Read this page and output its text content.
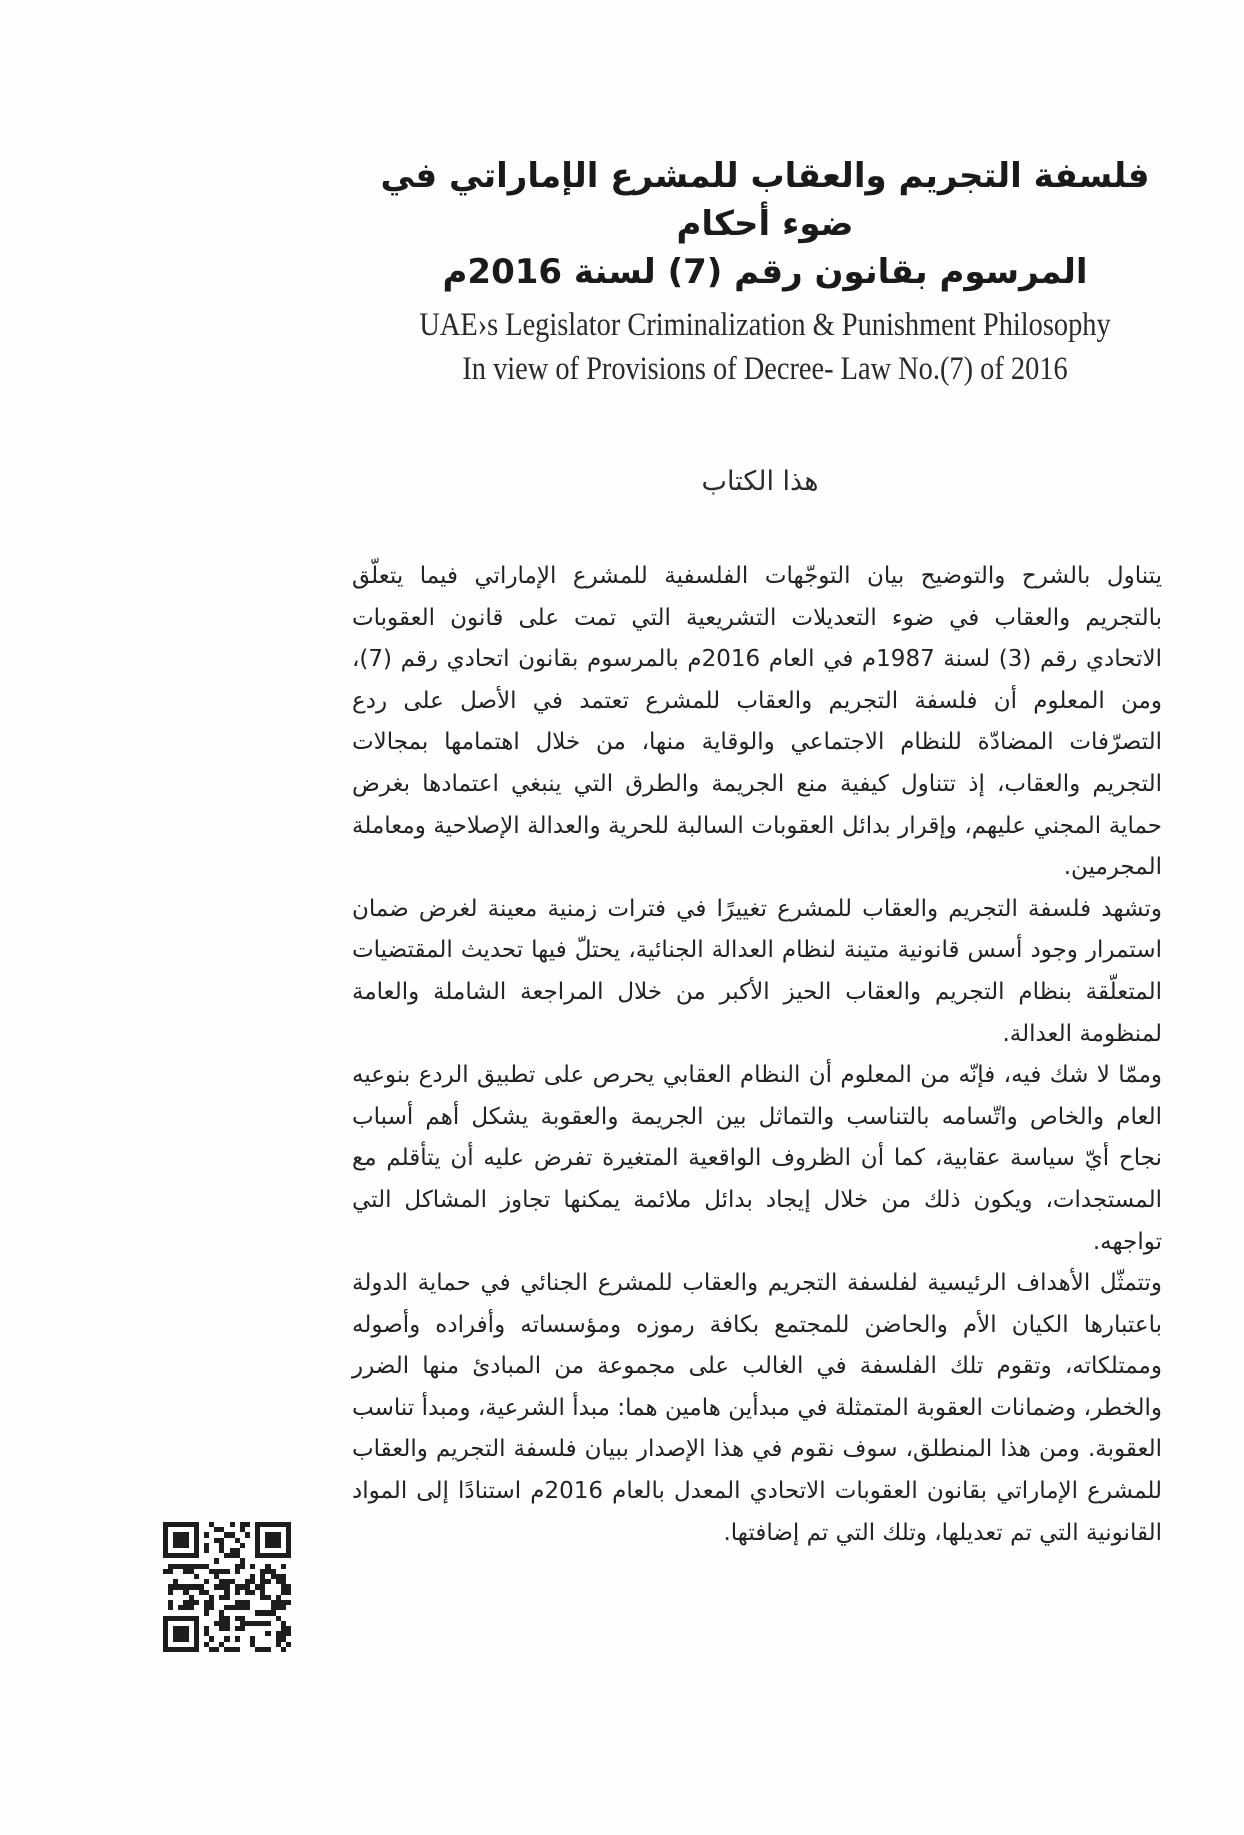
فلسفة التجريم والعقاب للمشرع الإماراتي في ضوء أحكام
المرسوم بقانون رقم (7) لسنة 2016م
UAE›s Legislator Criminalization & Punishment Philosophy
In view of Provisions of Decree- Law No.(7) of 2016
هذا الكتاب

يتناول بالشرح والتوضيح بيان التوجّهات الفلسفية للمشرع الإماراتي فيما يتعلّق بالتجريم والعقاب في ضوء التعديلات التشريعية التي تمت على قانون العقوبات الاتحادي رقم (3) لسنة 1987م في العام 2016م بالمرسوم بقانون اتحادي رقم (7)، ومن المعلوم أن فلسفة التجريم والعقاب للمشرع تعتمد في الأصل على ردع التصرّفات المضادّة للنظام الاجتماعي والوقاية منها، من خلال اهتمامها بمجالات التجريم والعقاب، إذ تتناول كيفية منع الجريمة والطرق التي ينبغي اعتمادها بغرض حماية المجني عليهم، وإقرار بدائل العقوبات السالبة للحرية والعدالة الإصلاحية ومعاملة المجرمين.

وتشهد فلسفة التجريم والعقاب للمشرع تغييرًا في فترات زمنية معينة لغرض ضمان استمرار وجود أسس قانونية متينة لنظام العدالة الجنائية، يحتلّ فيها تحديث المقتضيات المتعلّقة بنظام التجريم والعقاب الحيز الأكبر من خلال المراجعة الشاملة والعامة لمنظومة العدالة.

وممّا لا شك فيه، فإنّه من المعلوم أن النظام العقابي يحرص على تطبيق الردع بنوعيه العام والخاص واتّسامه بالتناسب والتماثل بين الجريمة والعقوبة يشكل أهم أسباب نجاح أيّ سياسة عقابية، كما أن الظروف الواقعية المتغيرة تفرض عليه أن يتأقلم مع المستجدات، ويكون ذلك من خلال إيجاد بدائل ملائمة يمكنها تجاوز المشاكل التي تواجهه.

وتتمثّل الأهداف الرئيسية لفلسفة التجريم والعقاب للمشرع الجنائي في حماية الدولة باعتبارها الكيان الأم والحاضن للمجتمع بكافة رموزه ومؤسساته وأفراده وأصوله وممتلكاته، وتقوم تلك الفلسفة في الغالب على مجموعة من المبادئ منها الضرر والخطر، وضمانات العقوبة المتمثلة في مبدأين هامين هما: مبدأ الشرعية، ومبدأ تناسب العقوبة. ومن هذا المنطلق، سوف نقوم في هذا الإصدار ببيان فلسفة التجريم والعقاب للمشرع الإماراتي بقانون العقوبات الاتحادي المعدل بالعام 2016م استنادًا إلى المواد القانونية التي تم تعديلها، وتلك التي تم إضافتها.
